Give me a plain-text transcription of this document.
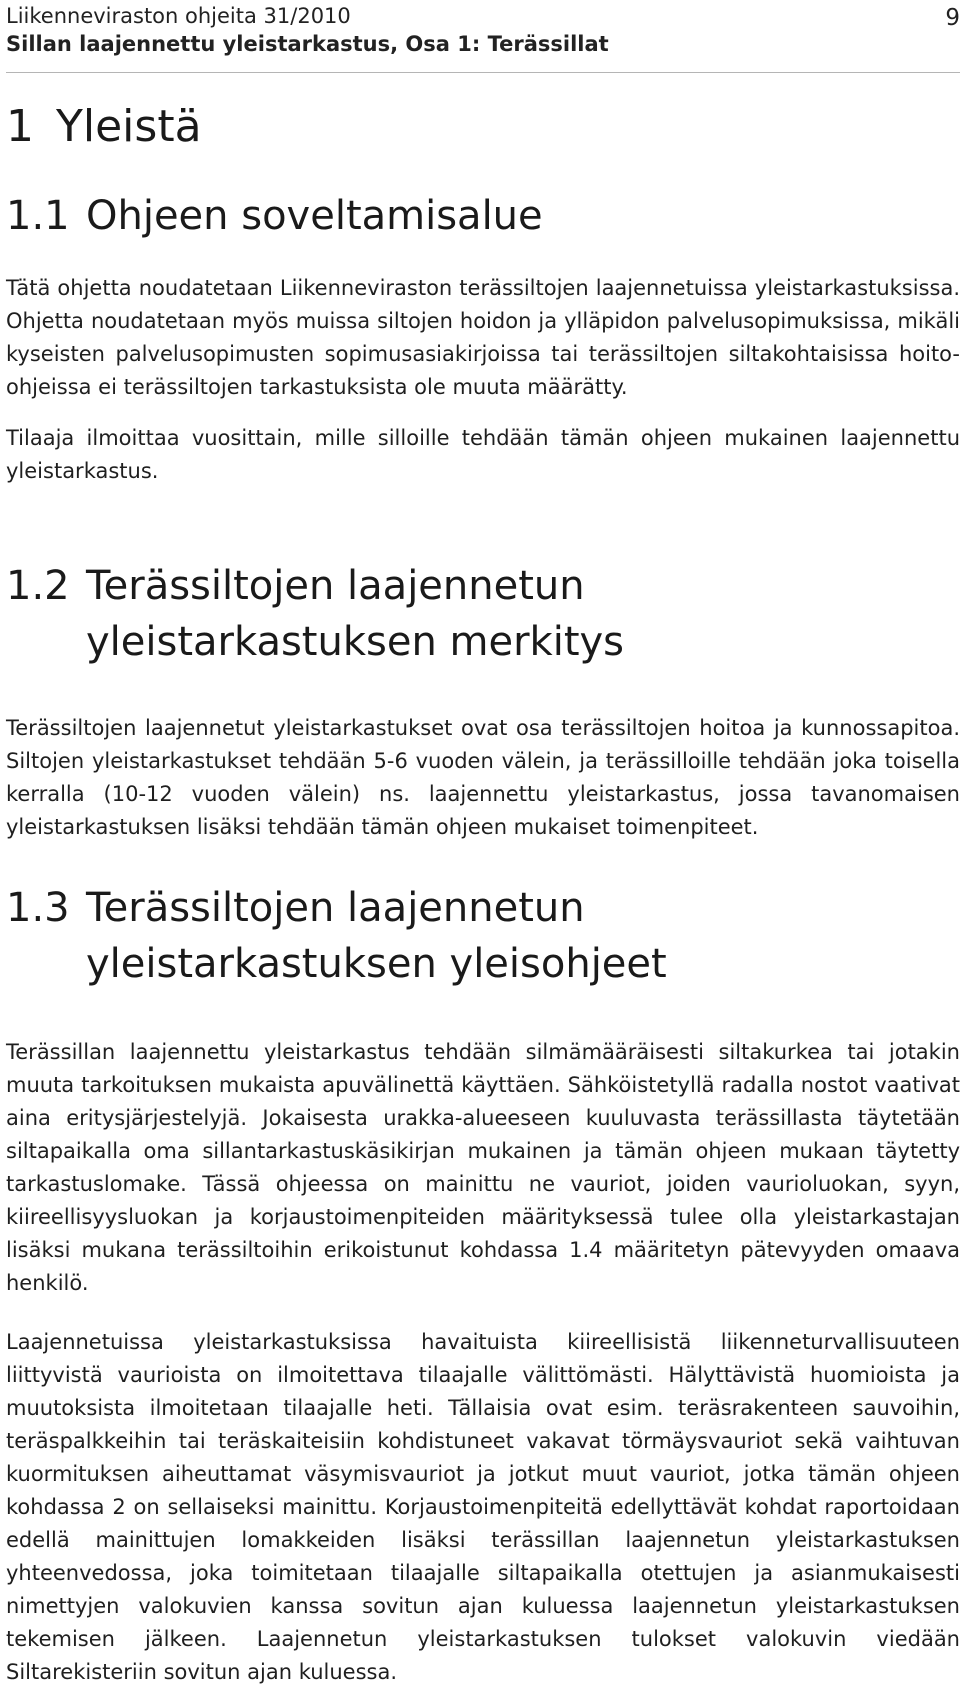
Liikenneviraston ohjeita 31/2010
Sillan laajennettu yleistarkastus, Osa 1: Terässillat
9
1 Yleistä
1.1 Ohjeen soveltamisalue

Tätä ohjetta noudatetaan Liikenneviraston terässiltojen laajennetuissa yleistarkastuksissa. Ohjetta noudatetaan myös muissa siltojen hoidon ja ylläpidon palvelusopimuksissa, mikäli kyseisten palvelusopimusten sopimusasiakirjoissa tai terässiltojen siltakohtaisissa hoito-ohjeissa ei terässiltojen tarkastuksista ole muuta määrätty.

Tilaaja ilmoittaa vuosittain, mille silloille tehdään tämän ohjeen mukainen laajennettu yleistarkastus.

1.2 Terässiltojen laajennetun yleistarkastuksen merkitys

Terässiltojen laajennetut yleistarkastukset ovat osa terässiltojen hoitoa ja kunnossapitoa. Siltojen yleistarkastukset tehdään 5-6 vuoden välein, ja terässilloille tehdään joka toisella kerralla (10-12 vuoden välein) ns. laajennettu yleistarkastus, jossa tavanomaisen yleistarkastuksen lisäksi tehdään tämän ohjeen mukaiset toimenpiteet.

1.3 Terässiltojen laajennetun yleistarkastuksen yleisohjeet

Terässillan laajennettu yleistarkastus tehdään silmämääräisesti siltakurkea tai jotakin muuta tarkoituksen mukaista apuvälinettä käyttäen. Sähköistetyllä radalla nostot vaativat aina eritysjärjestelyjä. Jokaisesta urakka-alueeseen kuuluvasta terässillasta täytetään siltapaikalla oma sillantarkastuskäsikirjan mukainen ja tämän ohjeen mukaan täytetty tarkastuslomake. Tässä ohjeessa on mainittu ne vauriot, joiden vaurioluokan, syyn, kiireellisyysluokan ja korjaustoimenpiteiden määrityksessä tulee olla yleistarkastajan lisäksi mukana terässiltoihin erikoistunut kohdassa 1.4 määritetyn pätevyyden omaava henkilö.

Laajennetuissa yleistarkastuksissa havaituista kiireellisistä liikenneturvallisuuteen liittyvistä vaurioista on ilmoitettava tilaajalle välittömästi. Hälyttävistä huomioista ja muutoksista ilmoitetaan tilaajalle heti. Tällaisia ovat esim. teräsrakenteen sauvoihin, teräspalkkeihin tai teräskaiteisiin kohdistuneet vakavat törmäysvauriot sekä vaihtuvan kuormituksen aiheuttamat väsymisvauriot ja jotkut muut vauriot, jotka tämän ohjeen kohdassa 2 on sellaiseksi mainittu. Korjaustoimenpiteitä edellyttävät kohdat raportoidaan edellä mainittujen lomakkeiden lisäksi terässillan laajennetun yleistarkastuksen yhteenvedossa, joka toimitetaan tilaajalle siltapaikalla otettujen ja asianmukaisesti nimettyjen valokuvien kanssa sovitun ajan kuluessa laajennetun yleistarkastuksen tekemisen jälkeen. Laajennetun yleistarkastuksen tulokset valokuvin viedään Siltarekisteriin sovitun ajan kuluessa.
